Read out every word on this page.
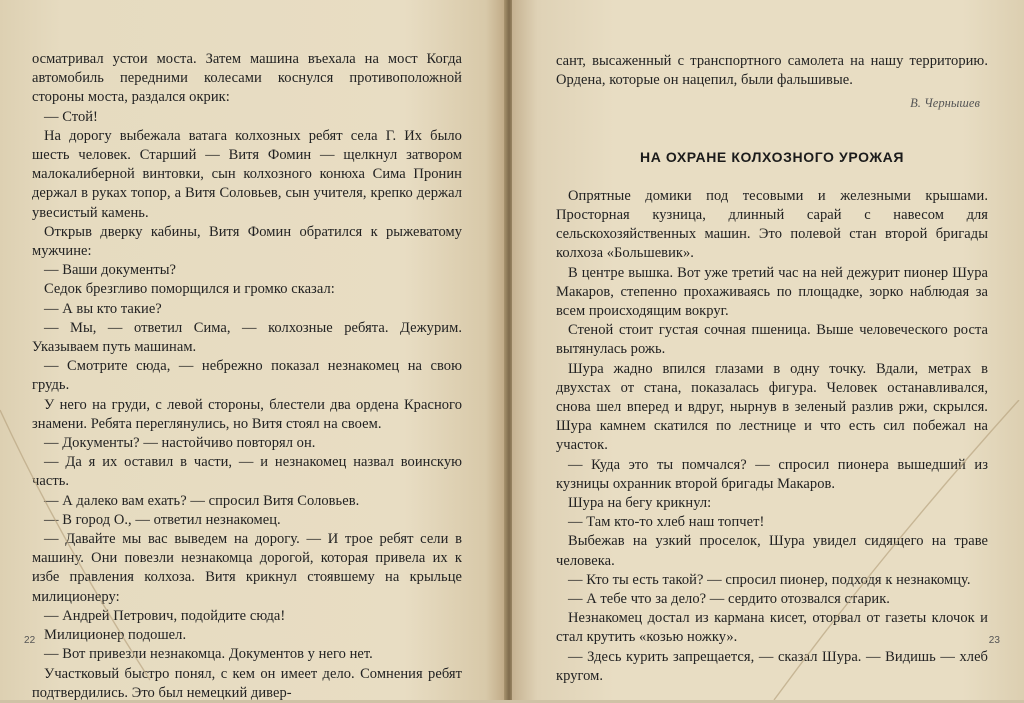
осматривал устои моста. Затем машина въехала на мост Когда автомобиль передними колесами коснулся противоположной стороны моста, раздался окрик:

— Стой!

На дорогу выбежала ватага колхозных ребят села Г. Их было шесть человек. Старший — Витя Фомин — щелкнул затвором малокалиберной винтовки, сын колхозного конюха Сима Пронин держал в руках топор, а Витя Соловьев, сын учителя, крепко держал увесистый камень.

Открыв дверку кабины, Витя Фомин обратился к рыжеватому мужчине:

— Ваши документы?

Седок брезгливо поморщился и громко сказал:

— А вы кто такие?

— Мы, — ответил Сима, — колхозные ребята. Дежурим. Указываем путь машинам.

— Смотрите сюда, — небрежно показал незнакомец на свою грудь.

У него на груди, с левой стороны, блестели два ордена Красного знамени. Ребята переглянулись, но Витя стоял на своем.

— Документы? — настойчиво повторял он.

— Да я их оставил в части, — и незнакомец назвал воинскую часть.

— А далеко вам ехать? — спросил Витя Соловьев.

— В город О., — ответил незнакомец.

— Давайте мы вас выведем на дорогу. — И трое ребят сели в машину. Они повезли незнакомца дорогой, которая привела их к избе правления колхоза. Витя крикнул стоявшему на крыльце милиционеру:

— Андрей Петрович, подойдите сюда!

Милиционер подошел.

— Вот привезли незнакомца. Документов у него нет.

Участковый быстро понял, с кем он имеет дело. Сомнения ребят подтвердились. Это был немецкий дивер-

22

сант, высаженный с транспортного самолета на нашу территорию. Ордена, которые он нацепил, были фальшивые.

В. Чернышев
НА ОХРАНЕ КОЛХОЗНОГО УРОЖАЯ

Опрятные домики под тесовыми и железными крышами. Просторная кузница, длинный сарай с навесом для сельскохозяйственных машин. Это полевой стан второй бригады колхоза «Большевик».

В центре вышка. Вот уже третий час на ней дежурит пионер Шура Макаров, степенно прохаживаясь по площадке, зорко наблюдая за всем происходящим вокруг.

Стеной стоит густая сочная пшеница. Выше человеческого роста вытянулась рожь.

Шура жадно впился глазами в одну точку. Вдали, метрах в двухстах от стана, показалась фигура. Человек останавливался, снова шел вперед и вдруг, нырнув в зеленый разлив ржи, скрылся. Шура камнем скатился по лестнице и что есть сил побежал на участок.

— Куда это ты помчался? — спросил пионера вышедший из кузницы охранник второй бригады Макаров.

Шура на бегу крикнул:

— Там кто-то хлеб наш топчет!

Выбежав на узкий проселок, Шура увидел сидящего на траве человека.

— Кто ты есть такой? — спросил пионер, подходя к незнакомцу.

— А тебе что за дело? — сердито отозвался старик.

Незнакомец достал из кармана кисет, оторвал от газеты клочок и стал крутить «козью ножку».

— Здесь курить запрещается, — сказал Шура. — Видишь — хлеб кругом.

23
